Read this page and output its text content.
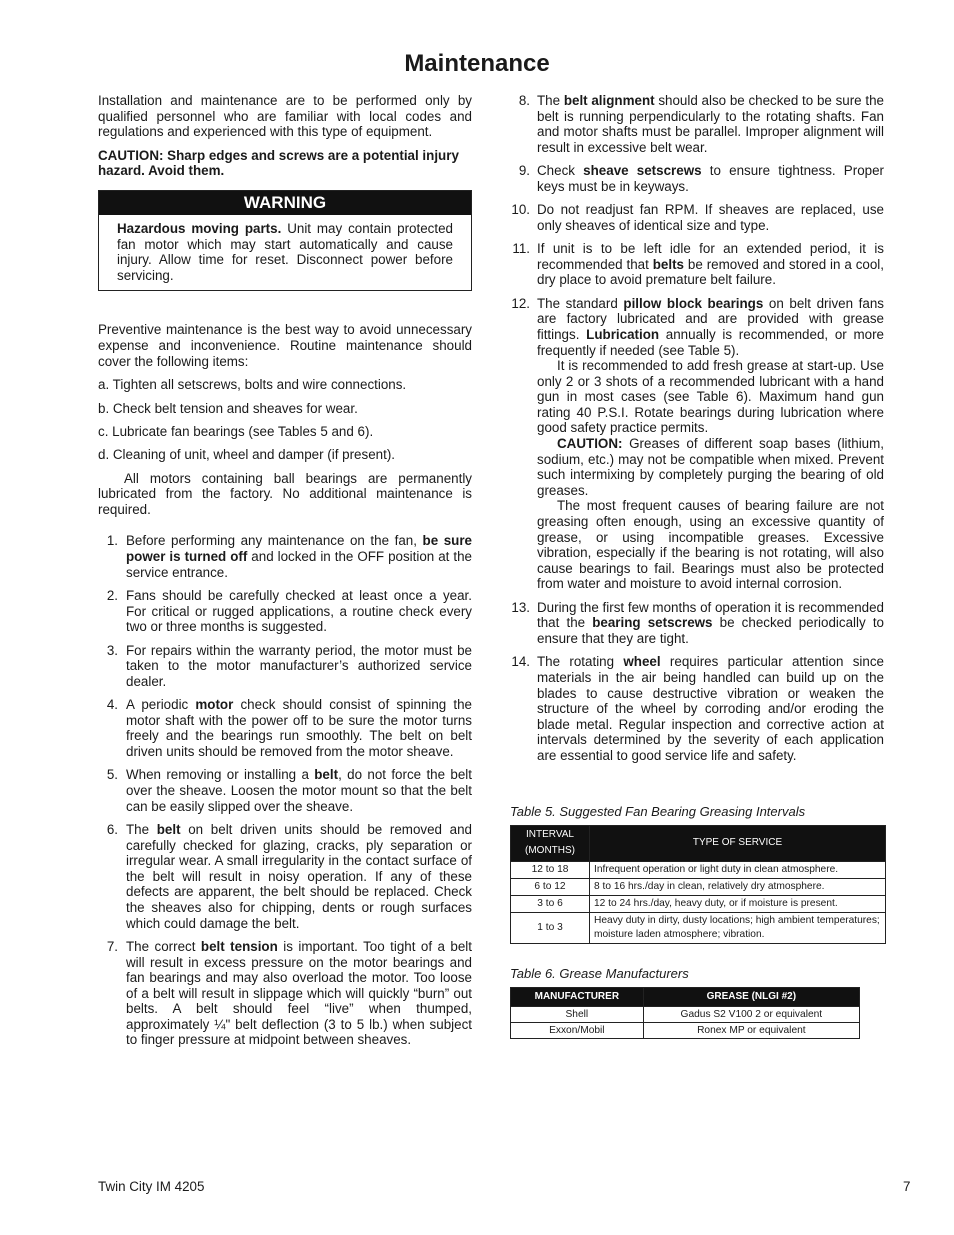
Maintenance

Installation and maintenance are to be performed only by qualified personnel who are familiar with local codes and regulations and experienced with this type of equipment.

CAUTION: Sharp edges and screws are a potential injury hazard. Avoid them.

WARNING
Hazardous moving parts. Unit may contain protected fan motor which may start automatically and cause injury. Allow time for reset. Disconnect power before servicing.

Preventive maintenance is the best way to avoid unnecessary expense and inconvenience. Routine maintenance should cover the following items:

a. Tighten all setscrews, bolts and wire connections.
b. Check belt tension and sheaves for wear.
c. Lubricate fan bearings (see Tables 5 and 6).
d. Cleaning of unit, wheel and damper (if present).

All motors containing ball bearings are permanently lubricated from the factory. No additional maintenance is required.

1. Before performing any maintenance on the fan, be sure power is turned off and locked in the OFF position at the service entrance.
2. Fans should be carefully checked at least once a year. For critical or rugged applications, a routine check every two or three months is suggested.
3. For repairs within the warranty period, the motor must be taken to the motor manufacturer’s authorized service dealer.
4. A periodic motor check should consist of spinning the motor shaft with the power off to be sure the motor turns freely and the bearings run smoothly. The belt on belt driven units should be removed from the motor sheave.
5. When removing or installing a belt, do not force the belt over the sheave. Loosen the motor mount so that the belt can be easily slipped over the sheave.
6. The belt on belt driven units should be removed and carefully checked for glazing, cracks, ply separation or irregular wear. A small irregularity in the contact surface of the belt will result in noisy operation. If any of these defects are apparent, the belt should be replaced. Check the sheaves also for chipping, dents or rough surfaces which could damage the belt.
7. The correct belt tension is important. Too tight of a belt will result in excess pressure on the motor bearings and fan bearings and may also overload the motor. Too loose of a belt will result in slippage which will quickly “burn” out belts. A belt should feel “live” when thumped, approximately ¼" belt deflection (3 to 5 lb.) when subject to finger pressure at midpoint between sheaves.
8. The belt alignment should also be checked to be sure the belt is running perpendicularly to the rotating shafts. Fan and motor shafts must be parallel. Improper alignment will result in excessive belt wear.
9. Check sheave setscrews to ensure tightness. Proper keys must be in keyways.
10. Do not readjust fan RPM. If sheaves are replaced, use only sheaves of identical size and type.
11. If unit is to be left idle for an extended period, it is recommended that belts be removed and stored in a cool, dry place to avoid premature belt failure.
12. The standard pillow block bearings on belt driven fans are factory lubricated and are provided with grease fittings. Lubrication annually is recommended, or more frequently if needed (see Table 5).

It is recommended to add fresh grease at start-up. Use only 2 or 3 shots of a recommended lubricant with a hand gun in most cases (see Table 6). Maximum hand gun rating 40 P.S.I. Rotate bearings during lubrication where good safety practice permits.

CAUTION: Greases of different soap bases (lithium, sodium, etc.) may not be compatible when mixed. Prevent such intermixing by completely purging the bearing of old greases.

The most frequent causes of bearing failure are not greasing often enough, using an excessive quantity of grease, or using incompatible greases. Excessive vibration, especially if the bearing is not rotating, will also cause bearings to fail. Bearings must also be protected from water and moisture to avoid internal corrosion.

13. During the first few months of operation it is recommended that the bearing setscrews be checked periodically to ensure that they are tight.
14. The rotating wheel requires particular attention since materials in the air being handled can build up on the blades to cause destructive vibration or weaken the structure of the wheel by corroding and/or eroding the blade metal. Regular inspection and corrective action at intervals determined by the severity of each application are essential to good service life and safety.
Table 5. Suggested Fan Bearing Greasing Intervals
INTERVAL
(MONTHS)	TYPE OF SERVICE
12 to 18	Infrequent operation or light duty in clean atmosphere.
6 to 12	8 to 16 hrs./day in clean, relatively dry atmosphere.
3 to 6	12 to 24 hrs./day, heavy duty, or if moisture is present.
1 to 3	Heavy duty in dirty, dusty locations; high ambient temperatures; moisture laden atmosphere; vibration.
Table 6. Grease Manufacturers
MANUFACTURER	GREASE (NLGI #2)
Shell	Gadus S2 V100 2 or equivalent
Exxon/Mobil	Ronex MP or equivalent
Twin City IM 4205	7
